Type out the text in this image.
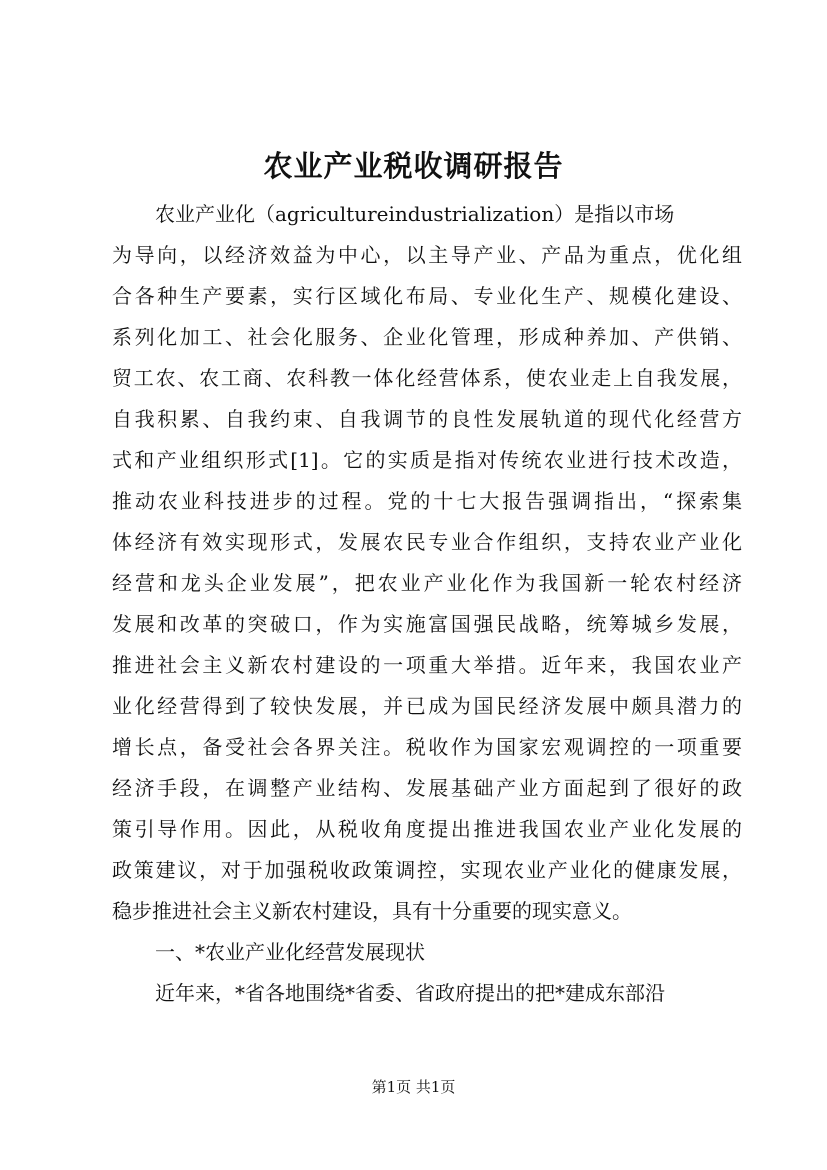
农业产业税收调研报告
农业产业化（agricultureindustrialization）是指以市场
为导向，以经济效益为中心，以主导产业、产品为重点，优化组
合各种生产要素，实行区域化布局、专业化生产、规模化建设、
系列化加工、社会化服务、企业化管理，形成种养加、产供销、
贸工农、农工商、农科教一体化经营体系，使农业走上自我发展，
自我积累、自我约束、自我调节的良性发展轨道的现代化经营方
式和产业组织形式[1]。它的实质是指对传统农业进行技术改造，
推动农业科技进步的过程。党的十七大报告强调指出，“探索集
体经济有效实现形式，发展农民专业合作组织，支持农业产业化
经营和龙头企业发展”，把农业产业化作为我国新一轮农村经济
发展和改革的突破口，作为实施富国强民战略，统筹城乡发展，
推进社会主义新农村建设的一项重大举措。近年来，我国农业产
业化经营得到了较快发展，并已成为国民经济发展中颇具潜力的
增长点，备受社会各界关注。税收作为国家宏观调控的一项重要
经济手段，在调整产业结构、发展基础产业方面起到了很好的政
策引导作用。因此，从税收角度提出推进我国农业产业化发展的
政策建议，对于加强税收政策调控，实现农业产业化的健康发展，
稳步推进社会主义新农村建设，具有十分重要的现实意义。
一、*农业产业化经营发展现状
近年来，*省各地围绕*省委、省政府提出的把*建成东部沿
第1页 共1页
